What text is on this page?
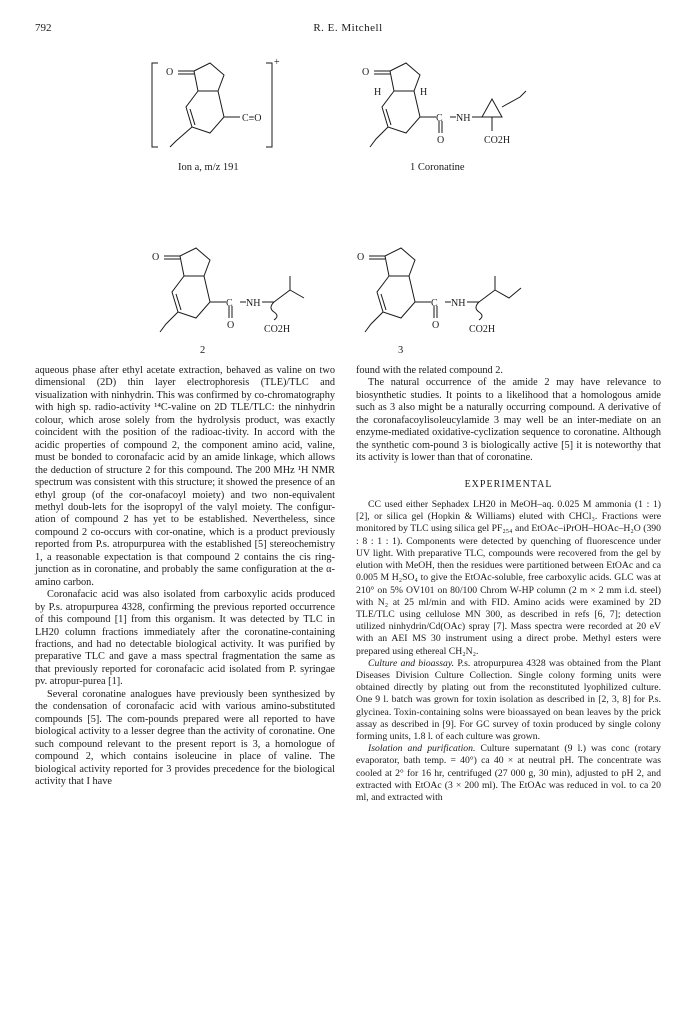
792	R. E. Mitchell
O
C≡O
+
Ion a, m/z 191
O
H	H
C NH
O	CO2H
1 Coronatine
O
C NH
O	CO2H
2
O
C NH
O	CO2H
3

aqueous phase after ethyl acetate extraction, behaved as valine on two dimensional (2D) thin layer electrophoresis (TLE)/TLC and visualization with ninhydrin. This was confirmed by co-chromatography with high sp. radio-activity ¹⁴C-valine on 2D TLE/TLC: the ninhydrin colour, which arose solely from the hydrolysis product, was exactly coincident with the position of the radioac-tivity. In accord with the acidic properties of compound 2, the component amino acid, valine, must be bonded to coronafacic acid by an amide linkage, which allows the deduction of structure 2 for this compound. The 200 MHz ¹H NMR spectrum was consistent with this structure; it showed the presence of an ethyl group (of the cor-onafacoyl moiety) and two non-equivalent methyl doub-lets for the isopropyl of the valyl moiety. The configur-ation of compound 2 has yet to be established. Nevertheless, since compound 2 co-occurs with cor-onatine, which is a product previously reported from P.s. atropurpurea with the established [5] stereochemistry 1, a reasonable expectation is that compound 2 contains the cis ring-junction as in coronatine, and probably the same configuration at the α-amino carbon.

Coronafacic acid was also isolated from carboxylic acids produced by P.s. atropurpurea 4328, confirming the previous reported occurrence of this compound [1] from this organism. It was detected by TLC in LH20 column fractions immediately after the coronatine-containing fractions, and had no detectable biological activity. It was purified by preparative TLC and gave a mass spectral fragmentation the same as that previously reported for coronafacic acid isolated from P. syringae pv. atropur-purea [1].

Several coronatine analogues have previously been synthesized by the condensation of coronafacic acid with various amino-substituted compounds [5]. The com-pounds prepared were all reported to have biological activity to a lesser degree than the activity of coronatine. One such compound relevant to the present report is 3, a homologue of compound 2, which contains isoleucine in place of valine. The biological activity reported for 3 provides precedence for the biological activity that I have

found with the related compound 2.

The natural occurrence of the amide 2 may have relevance to biosynthetic studies. It points to a likelihood that a homologous amide such as 3 also might be a naturally occurring compound. A derivative of the coronafacoylisoleucylamide 3 may well be an inter-mediate on an enzyme-mediated oxidative-cyclization sequence to coronatine. Although the synthetic com-pound 3 is biologically active [5] it is noteworthy that its activity is lower than that of coronatine.

EXPERIMENTAL

CC used either Sephadex LH20 in MeOH–aq. 0.025 M ammonia (1 : 1) [2], or silica gel (Hopkin & Williams) eluted with CHCl₃. Fractions were monitored by TLC using silica gel PF₂₅₄ and EtOAc–iPrOH–HOAc–H₂O (390 : 8 : 1 : 1). Components were detected by quenching of fluorescence under UV light. With preparative TLC, compounds were recovered from the gel by elution with MeOH, then the residues were partitioned between EtOAc and ca 0.005 M H₂SO₄ to give the EtOAc-soluble, free carboxylic acids. GLC was at 210° on 5% OV101 on 80/100 Chrom W-HP column (2 m × 2 mm i.d. steel) with N₂ at 25 ml/min and with FID. Amino acids were examined by 2D TLE/TLC using cellulose MN 300, as described in refs [6, 7]; detection utilized ninhydrin/Cd(OAc) spray [7]. Mass spectra were recorded at 20 eV with an AEI MS 30 instrument using a direct probe. Methyl esters were prepared using ethereal CH₂N₂.

Culture and bioassay. P.s. atropurpurea 4328 was obtained from the Plant Diseases Division Culture Collection. Single colony forming units were obtained directly by plating out from the reconstituted lyophilized culture. One 9 l. batch was grown for toxin isolation as described in [2, 3, 8] for P.s. glycinea. Toxin-containing solns were bioassayed on bean leaves by the prick assay as described in [9]. For GC survey of toxin produced by single colony forming units, 1.8 l. of each culture was grown.

Isolation and purification. Culture supernatant (9 l.) was conc (rotary evaporator, bath temp. = 40°) ca 40 × at neutral pH. The concentrate was cooled at 2° for 16 hr, centrifuged (27 000 g, 30 min), adjusted to pH 2, and extracted with EtOAc (3 × 200 ml). The EtOAc was reduced in vol. to ca 20 ml, and extracted with
